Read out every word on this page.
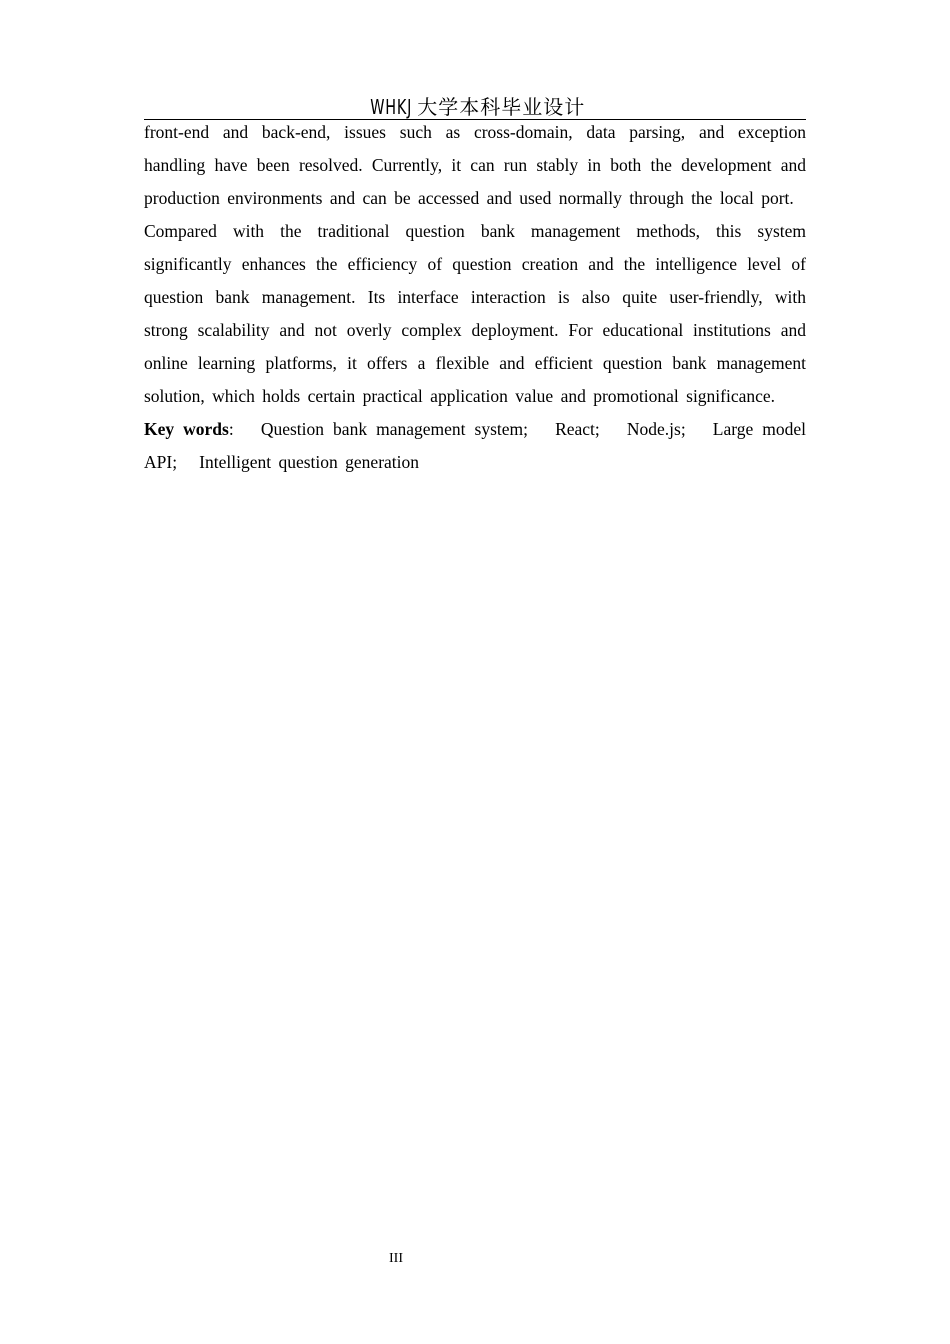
WHKJ 大学本科毕业设计

front-end and back-end, issues such as cross-domain, data parsing, and exception handling have been resolved. Currently, it can run stably in both the development and production environments and can be accessed and used normally through the local port.

Compared with the traditional question bank management methods, this system significantly enhances the efficiency of question creation and the intelligence level of question bank management. Its interface interaction is also quite user-friendly, with strong scalability and not overly complex deployment. For educational institutions and online learning platforms, it offers a flexible and efficient question bank management solution, which holds certain practical application value and promotional significance.

Key words: Question bank management system;   React;   Node.js;   Large model API;   Intelligent question generation

III
